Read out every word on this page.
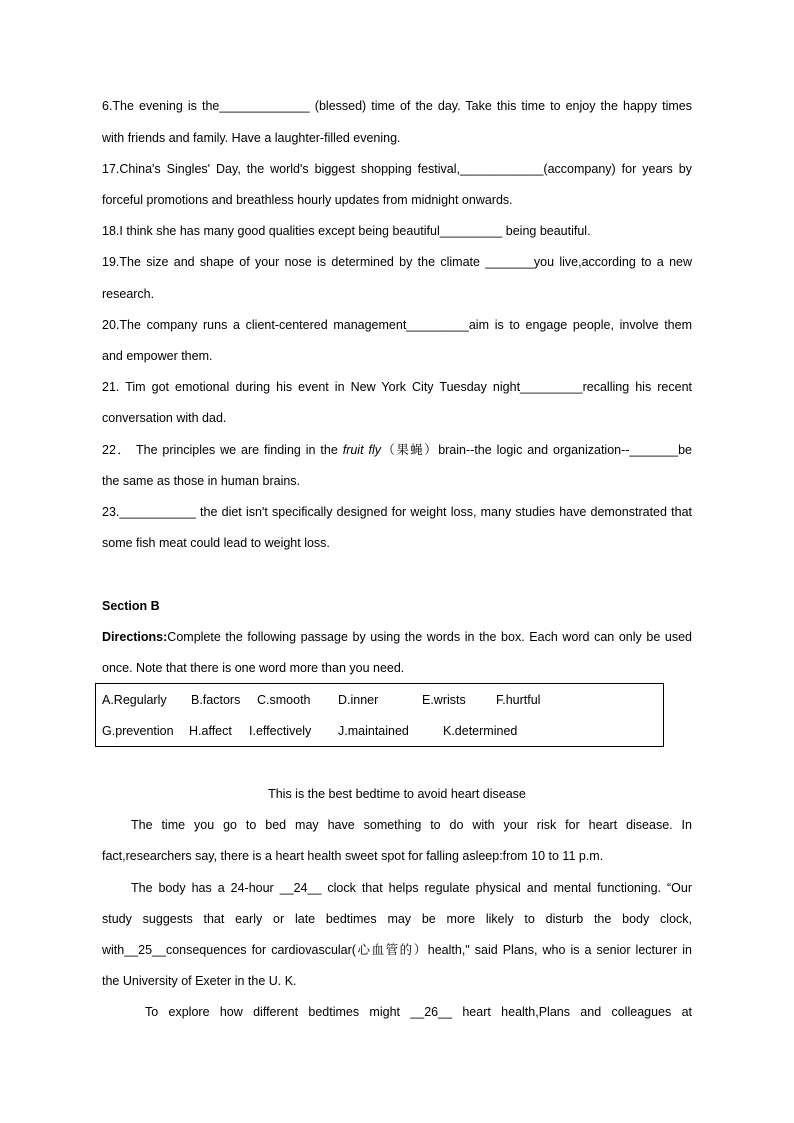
6.The evening is the_____________ (blessed) time of the day. Take this time to enjoy the happy times
with friends and family. Have a laughter-filled evening.
17.China's Singles' Day, the world's biggest shopping festival,____________(accompany) for years by
forceful promotions and breathless hourly updates from midnight onwards.
18.I think she has many good qualities except being beautiful_________ being beautiful.
19.The size and shape of your nose is determined by the climate _______you live,according to a new
research.
20.The company runs a client-centered management_________aim is to engage people, involve them
and empower them.
21. Tim got emotional during his event in New York City Tuesday night_________recalling his recent
conversation with dad.
22． The principles we are finding in the fruit fly（果蝇）brain--the logic and organization--_______be
the same as those in human brains.
23.___________ the diet isn't specifically designed for weight loss, many studies have demonstrated that
some fish meat could lead to weight loss.
Section B
Directions:Complete the following passage by using the words in the box. Each word can only be used
once. Note that there is one word more than you need.
A.Regularly B.factors C.smooth D.inner	E.wrists F.hurtful
G.prevention H.affect I.effectively J.maintained	K.determined
This is the best bedtime to avoid heart disease
The time you go to bed may have something to do with your risk for heart disease. In
fact,researchers say, there is a heart health sweet spot for falling asleep:from 10 to 11 p.m.
The body has a 24-hour __24__ clock that helps regulate physical and mental functioning. “Our
study suggests that early or late bedtimes may be more likely to disturb the body clock,
with__25__consequences for cardiovascular(心血管的）health," said Plans, who is a senior lecturer in
the University of Exeter in the U. K.
To explore how different bedtimes might __26__ heart health,Plans and colleagues at
